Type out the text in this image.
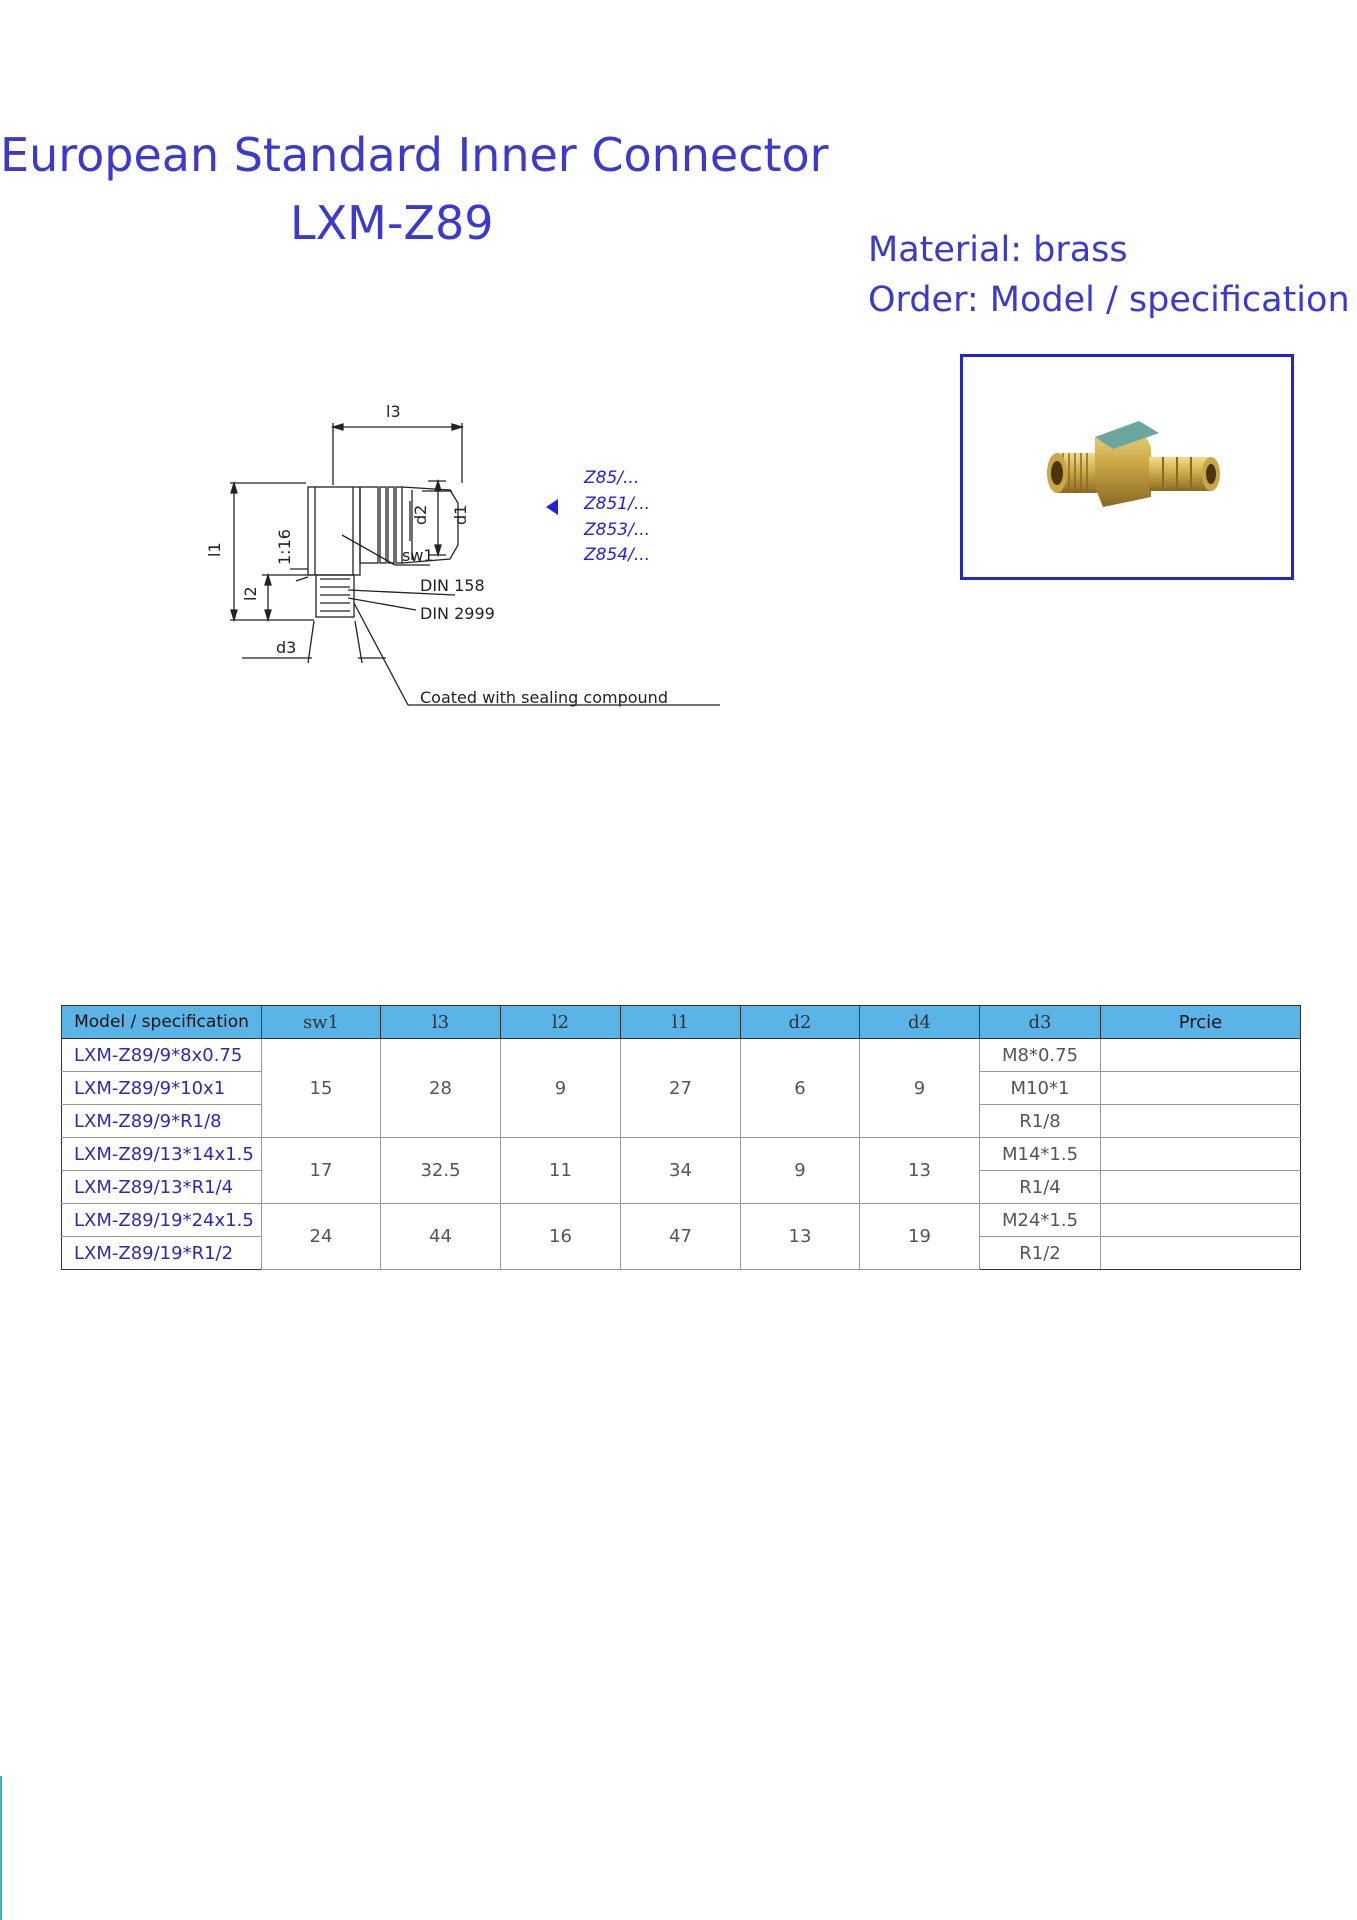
European Standard Inner Connector
LXM-Z89	Material: brass
Order: Model / specification
l3
l1
l2
1:16
d2 d1
d3
sw1
DIN 158
DIN 2999
Coated with sealing compound
Z85/...
Z851/...
Z853/...
Z854/...
Model / specification	sw1	l3	l2	l1	d2	d4	d3	Prcie
LXM-Z89/9*8x0.75	15	28	9	27	6	9	M8*0.75	
LXM-Z89/9*10x1							M10*1	
LXM-Z89/9*R1/8							R1/8	
LXM-Z89/13*14x1.5	17	32.5	11	34	9	13	M14*1.5	
LXM-Z89/13*R1/4							R1/4	
LXM-Z89/19*24x1.5	24	44	16	47	13	19	M24*1.5	
LXM-Z89/19*R1/2							R1/2	
